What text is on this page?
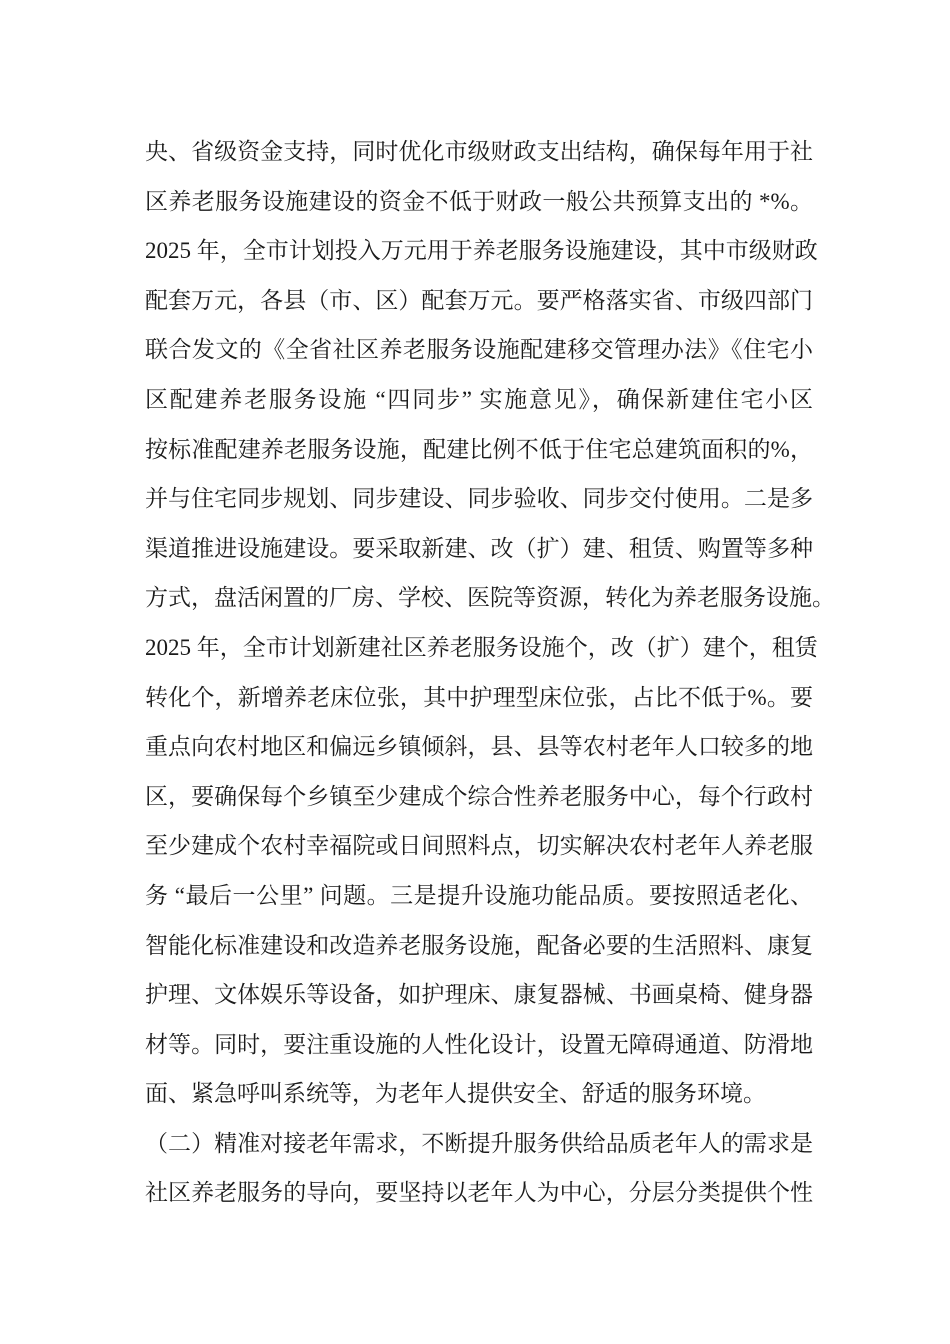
央、省级资金支持，同时优化市级财政支出结构，确保每年用于社
区养老服务设施建设的资金不低于财政一般公共预算支出的 *%。
2025 年，全市计划投入万元用于养老服务设施建设，其中市级财政
配套万元，各县（市、区）配套万元。要严格落实省、市级四部门
联合发文的《全省社区养老服务设施配建移交管理办法》《住宅小
区配建养老服务设施 “四同步” 实施意见》，确保新建住宅小区
按标准配建养老服务设施，配建比例不低于住宅总建筑面积的%，
并与住宅同步规划、同步建设、同步验收、同步交付使用。二是多
渠道推进设施建设。要采取新建、改（扩）建、租赁、购置等多种
方式，盘活闲置的厂房、学校、医院等资源，转化为养老服务设施。
2025 年，全市计划新建社区养老服务设施个，改（扩）建个，租赁
转化个，新增养老床位张，其中护理型床位张，占比不低于%。要
重点向农村地区和偏远乡镇倾斜，县、县等农村老年人口较多的地
区，要确保每个乡镇至少建成个综合性养老服务中心，每个行政村
至少建成个农村幸福院或日间照料点，切实解决农村老年人养老服
务 “最后一公里” 问题。三是提升设施功能品质。要按照适老化、
智能化标准建设和改造养老服务设施，配备必要的生活照料、康复
护理、文体娱乐等设备，如护理床、康复器械、书画桌椅、健身器
材等。同时，要注重设施的人性化设计，设置无障碍通道、防滑地
面、紧急呼叫系统等，为老年人提供安全、舒适的服务环境。
（二）精准对接老年需求，不断提升服务供给品质老年人的需求是
社区养老服务的导向，要坚持以老年人为中心，分层分类提供个性
